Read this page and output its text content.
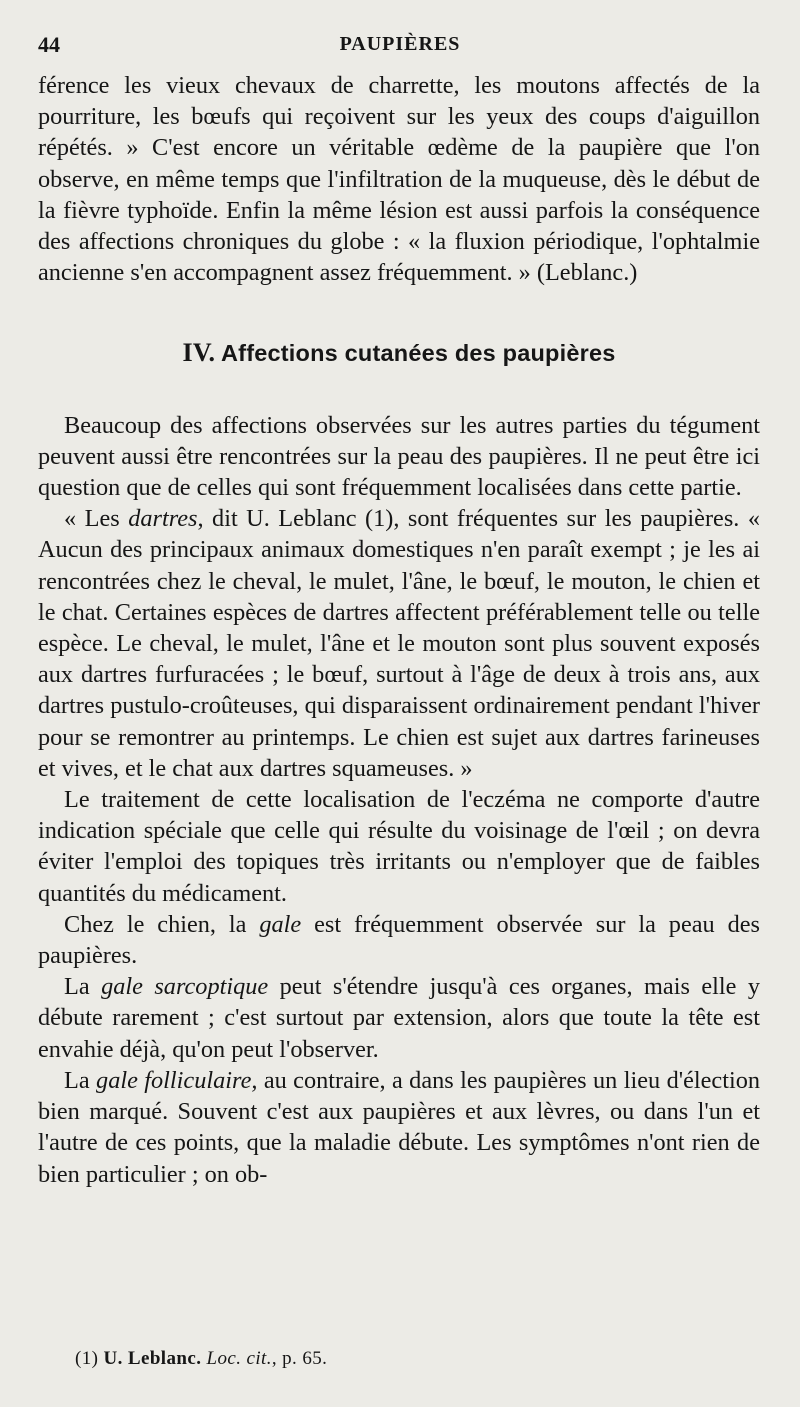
44	PAUPIÈRES

férence les vieux chevaux de charrette, les moutons affectés de la pourriture, les bœufs qui reçoivent sur les yeux des coups d'aiguillon répétés. » C'est encore un véritable œdème de la paupière que l'on observe, en même temps que l'infiltration de la muqueuse, dès le début de la fièvre typhoïde. Enfin la même lésion est aussi parfois la conséquence des affections chroniques du globe : « la fluxion périodique, l'ophtalmie ancienne s'en accompagnent assez fréquemment. » (Leblanc.)

IV. Affections cutanées des paupières

Beaucoup des affections observées sur les autres parties du tégument peuvent aussi être rencontrées sur la peau des paupières. Il ne peut être ici question que de celles qui sont fréquemment localisées dans cette partie.

« Les dartres, dit U. Leblanc (1), sont fréquentes sur les paupières. « Aucun des principaux animaux domestiques n'en paraît exempt ; je les ai rencontrées chez le cheval, le mulet, l'âne, le bœuf, le mouton, le chien et le chat. Certaines espèces de dartres affectent préférablement telle ou telle espèce. Le cheval, le mulet, l'âne et le mouton sont plus souvent exposés aux dartres furfuracées ; le bœuf, surtout à l'âge de deux à trois ans, aux dartres pustulo-croûteuses, qui disparaissent ordinairement pendant l'hiver pour se remontrer au printemps. Le chien est sujet aux dartres farineuses et vives, et le chat aux dartres squameuses. »

Le traitement de cette localisation de l'eczéma ne comporte d'autre indication spéciale que celle qui résulte du voisinage de l'œil ; on devra éviter l'emploi des topiques très irritants ou n'employer que de faibles quantités du médicament.

Chez le chien, la gale est fréquemment observée sur la peau des paupières.

La gale sarcoptique peut s'étendre jusqu'à ces organes, mais elle y débute rarement ; c'est surtout par extension, alors que toute la tête est envahie déjà, qu'on peut l'observer.

La gale folliculaire, au contraire, a dans les paupières un lieu d'élection bien marqué. Souvent c'est aux paupières et aux lèvres, ou dans l'un et l'autre de ces points, que la maladie débute. Les symptômes n'ont rien de bien particulier ; on ob-

(1) U. Leblanc. Loc. cit., p. 65.
